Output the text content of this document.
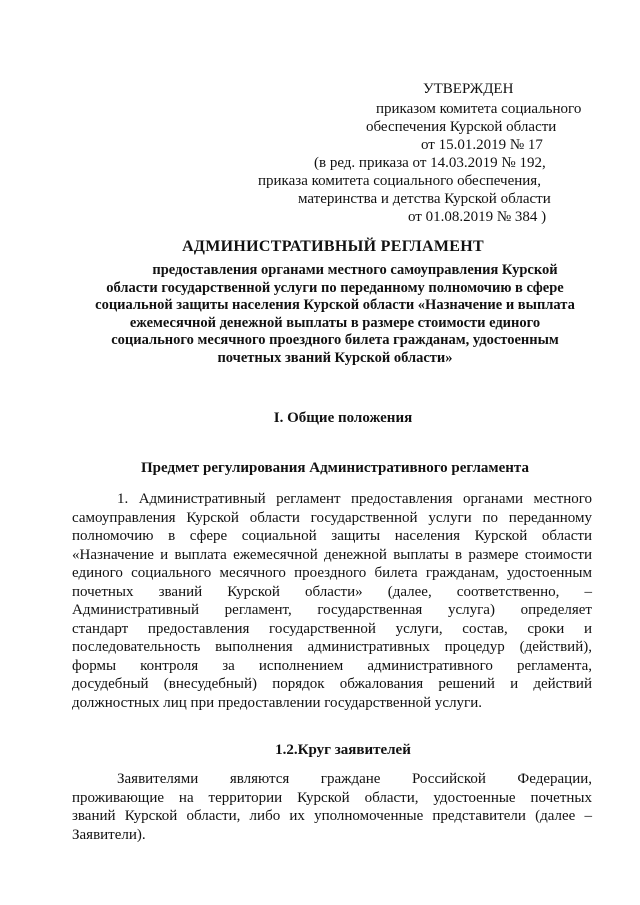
УТВЕРЖДЕН
приказом комитета социального
обеспечения Курской области
от 15.01.2019 № 17
(в ред. приказа от 14.03.2019 № 192,
приказа комитета социального обеспечения,
материнства и детства Курской области
от 01.08.2019 № 384 )
АДМИНИСТРАТИВНЫЙ РЕГЛАМЕНТ
предоставления органами местного самоуправления Курской
области государственной услуги по переданному полномочию в сфере
социальной защиты населения Курской области «Назначение и выплата
ежемесячной денежной выплаты в размере стоимости единого
социального месячного проездного билета гражданам, удостоенным
почетных званий Курской области»
I. Общие положения
Предмет регулирования Административного регламента
1. Административный регламент предоставления органами местного
самоуправления Курской области государственной услуги по переданному
полномочию в сфере социальной защиты населения Курской области
«Назначение и выплата ежемесячной денежной выплаты в размере стоимости
единого социального месячного проездного билета гражданам, удостоенным
почетных званий Курской области» (далее, соответственно, –
Административный регламент, государственная услуга) определяет
стандарт предоставления государственной услуги, состав, сроки и
последовательность выполнения административных процедур (действий),
формы контроля за исполнением административного регламента,
досудебный (внесудебный) порядок обжалования решений и действий
должностных лиц при предоставлении государственной услуги.
1.2.Круг заявителей
Заявителями являются граждане Российской Федерации,
проживающие на территории Курской области, удостоенные почетных
званий Курской области, либо их уполномоченные представители (далее –
Заявители).
